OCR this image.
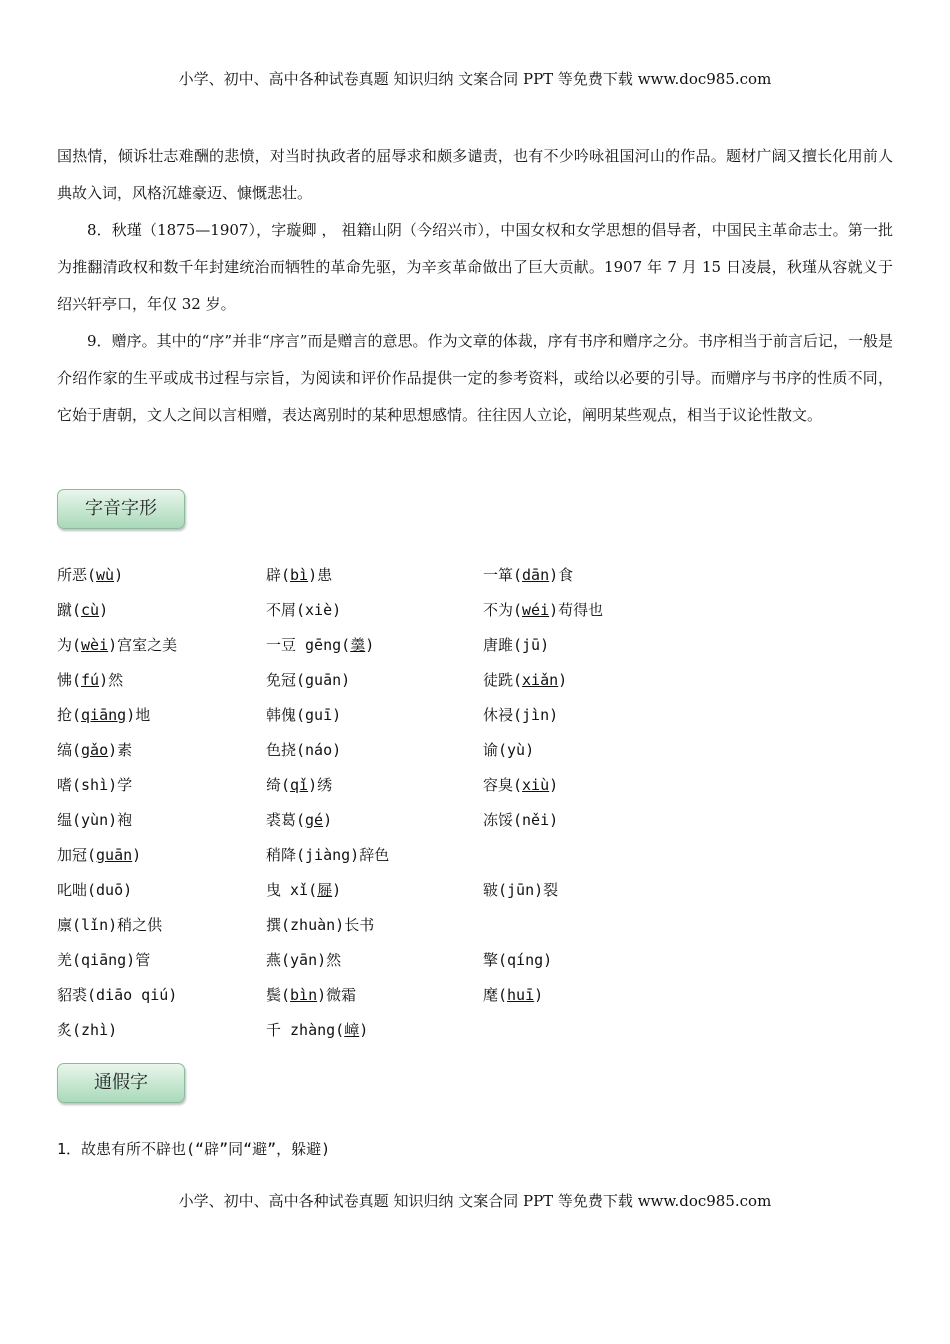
小学、初中、高中各种试卷真题 知识归纳 文案合同 PPT 等免费下载 www.doc985.com
国热情，倾诉壮志难酬的悲愤，对当时执政者的屈辱求和颇多谴责，也有不少吟咏祖国河山的作品。题材广阔又擅长化用前人典故入词，风格沉雄豪迈、慷慨悲壮。
8．秋瑾（1875—1907），字璇卿 ， 祖籍山阴（今绍兴市），中国女权和女学思想的倡导者，中国民主革命志士。第一批为推翻清政权和数千年封建统治而牺牲的革命先驱，为辛亥革命做出了巨大贡献。1907 年 7 月 15 日凌晨，秋瑾从容就义于绍兴轩亭口，年仅 32 岁。
9．赠序。其中的“序”并非“序言”而是赠言的意思。作为文章的体裁，序有书序和赠序之分。书序相当于前言后记，一般是介绍作家的生平或成书过程与宗旨，为阅读和评价作品提供一定的参考资料，或给以必要的引导。而赠序与书序的性质不同，它始于唐朝，文人之间以言相赠，表达离别时的某种思想感情。往往因人立论，阐明某些观点，相当于议论性散文。
字音字形
所恶(wù)	辟(bì)患	一箪(dān)食
蹴(cù)	不屑(xiè)	不为(wéi)苟得也
为(wèi)宫室之美	一豆 gēng(羹)	唐雎(jū)
怫(fú)然	免冠(guān)	徒跣(xiǎn)
抢(qiāng)地	韩傀(guī)	休祲(jìn)
缟(gǎo)素	色挠(náo)	谕(yù)
嗜(shì)学	绮(qǐ)绣	容臭(xiù)
缊(yùn)袍	裘葛(gé)	冻馁(něi)
加冠(guān)	稍降(jiàng)辞色
叱咄(duō)	曳 xǐ(屣)	皲(jūn)裂
廪(lǐn)稍之供	撰(zhuàn)长书
羌(qiāng)管	燕(yān)然	擎(qíng)
貂裘(diāo qiú)	鬓(bìn)微霜	麾(huī)
炙(zhì)	千 zhàng(嶂)
通假字
1．故患有所不辟也(“辟”同“避”，躲避)
小学、初中、高中各种试卷真题 知识归纳 文案合同 PPT 等免费下载 www.doc985.com
